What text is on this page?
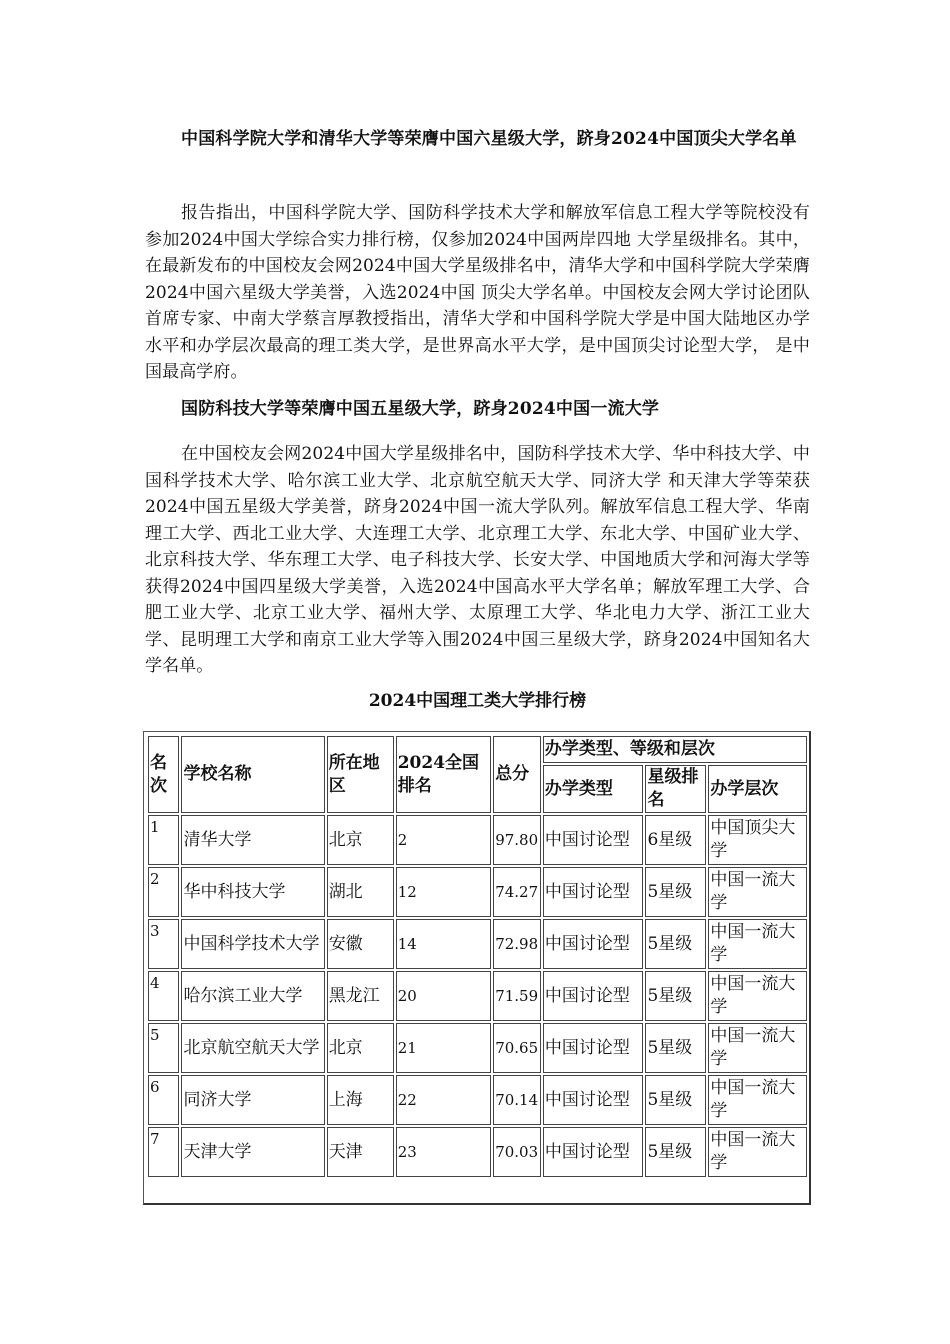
中国科学院大学和清华大学等荣膺中国六星级大学，跻身2024中国顶尖大学名单

报告指出，中国科学院大学、国防科学技术大学和解放军信息工程大学等院校没有参加2024中国大学综合实力排行榜，仅参加2024中国两岸四地 大学星级排名。其中，在最新发布的中国校友会网2024中国大学星级排名中，清华大学和中国科学院大学荣膺2024中国六星级大学美誉，入选2024中国 顶尖大学名单。中国校友会网大学讨论团队首席专家、中南大学蔡言厚教授指出，清华大学和中国科学院大学是中国大陆地区办学水平和办学层次最高的理工类大学，是世界高水平大学，是中国顶尖讨论型大学， 是中国最高学府。

国防科技大学等荣膺中国五星级大学，跻身2024中国一流大学

在中国校友会网2024中国大学星级排名中，国防科学技术大学、华中科技大学、中国科学技术大学、哈尔滨工业大学、北京航空航天大学、同济大学 和天津大学等荣获2024中国五星级大学美誉，跻身2024中国一流大学队列。解放军信息工程大学、华南理工大学、西北工业大学、大连理工大学、北京理工大学、东北大学、中国矿业大学、北京科技大学、华东理工大学、电子科技大学、长安大学、中国地质大学和河海大学等获得2024中国四星级大学美誉，入选2024中国高水平大学名单；解放军理工大学、合肥工业大学、北京工业大学、福州大学、太原理工大学、华北电力大学、浙江工业大学、昆明理工大学和南京工业大学等入围2024中国三星级大学，跻身2024中国知名大学名单。

2024中国理工类大学排行榜

名次	学校名称	所在地区	2024全国排名	总分	办学类型、等级和层次		
					办学类型	星级排名	办学层次
1	清华大学	北京	2	97.80	中国讨论型	6星级	中国顶尖大学
2	华中科技大学	湖北	12	74.27	中国讨论型	5星级	中国一流大学
3	中国科学技术大学	安徽	14	72.98	中国讨论型	5星级	中国一流大学
4	哈尔滨工业大学	黑龙江	20	71.59	中国讨论型	5星级	中国一流大学
5	北京航空航天大学	北京	21	70.65	中国讨论型	5星级	中国一流大学
6	同济大学	上海	22	70.14	中国讨论型	5星级	中国一流大学
7	天津大学	天津	23	70.03	中国讨论型	5星级	中国一流大学
